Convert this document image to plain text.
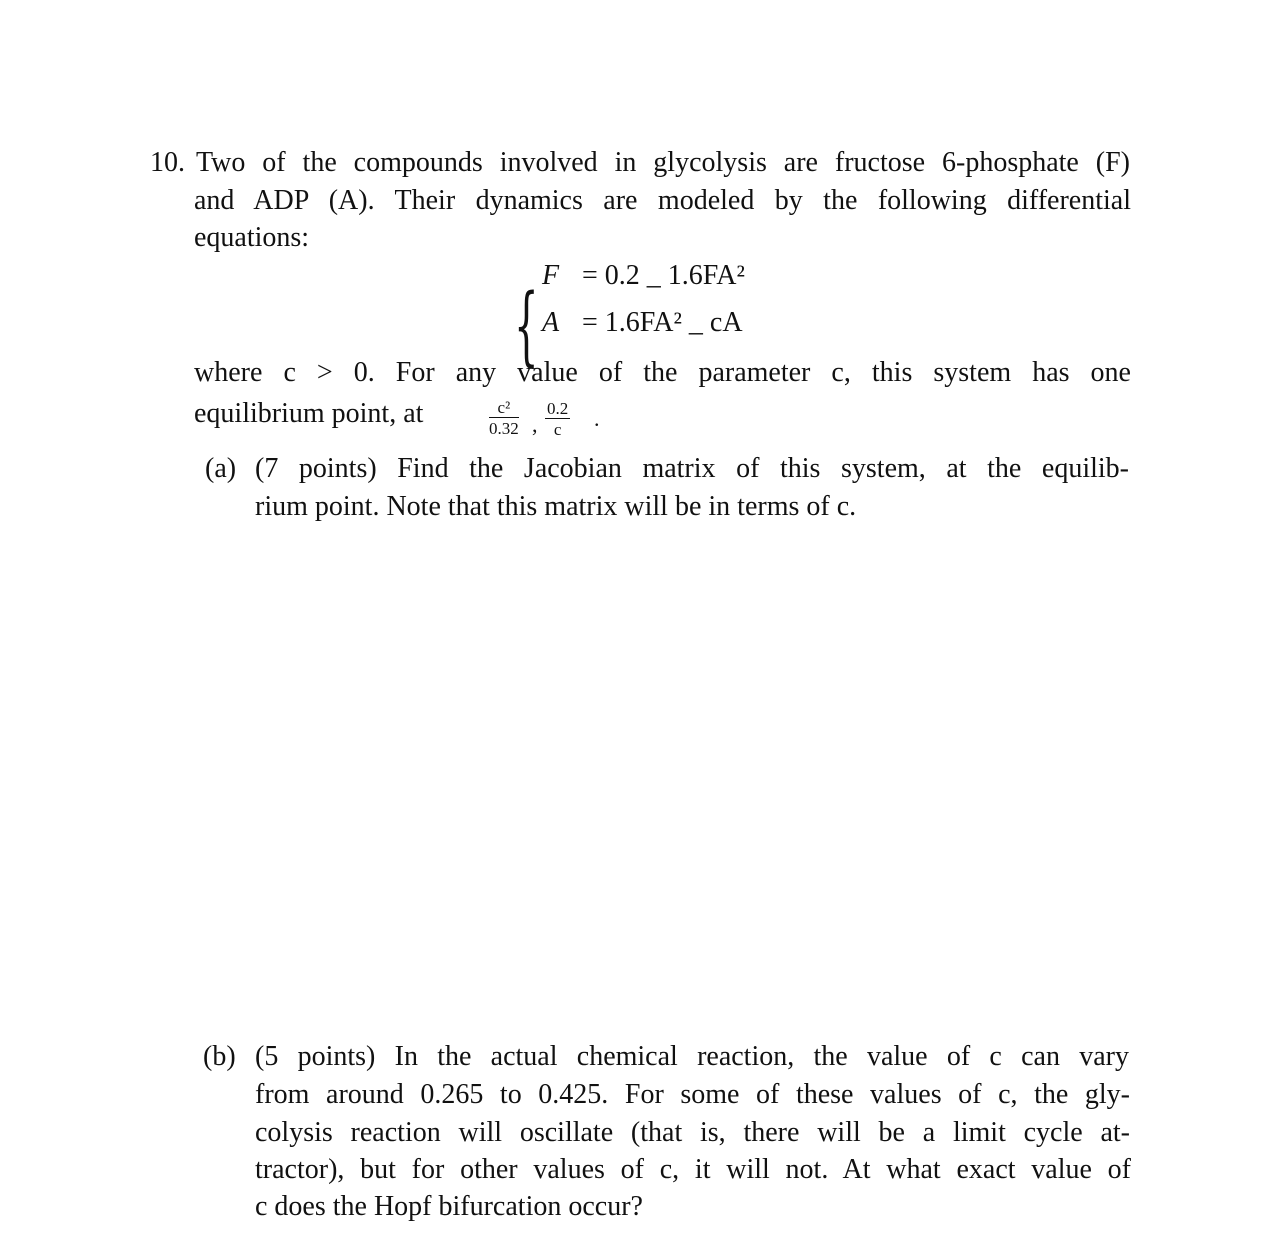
10. Two of the compounds involved in glycolysis are fructose 6-phosphate (F)
and ADP (A). Their dynamics are modeled by the following differential
equations:
{
F = 0.2 _ 1.6FA²
A = 1.6FA² _ cA
where c > 0. For any value of the parameter c, this system has one
equilibrium point, at	$\frac{\text{c²}}{0.32}$ , $\frac{0.2}{c}$ .
(a) (7 points) Find the Jacobian matrix of this system, at the equilib-
rium point. Note that this matrix will be in terms of c.
(b) (5 points) In the actual chemical reaction, the value of c can vary
from around 0.265 to 0.425. For some of these values of c, the gly-
colysis reaction will oscillate (that is, there will be a limit cycle at-
tractor), but for other values of c, it will not. At what exact value of
c does the Hopf bifurcation occur?
